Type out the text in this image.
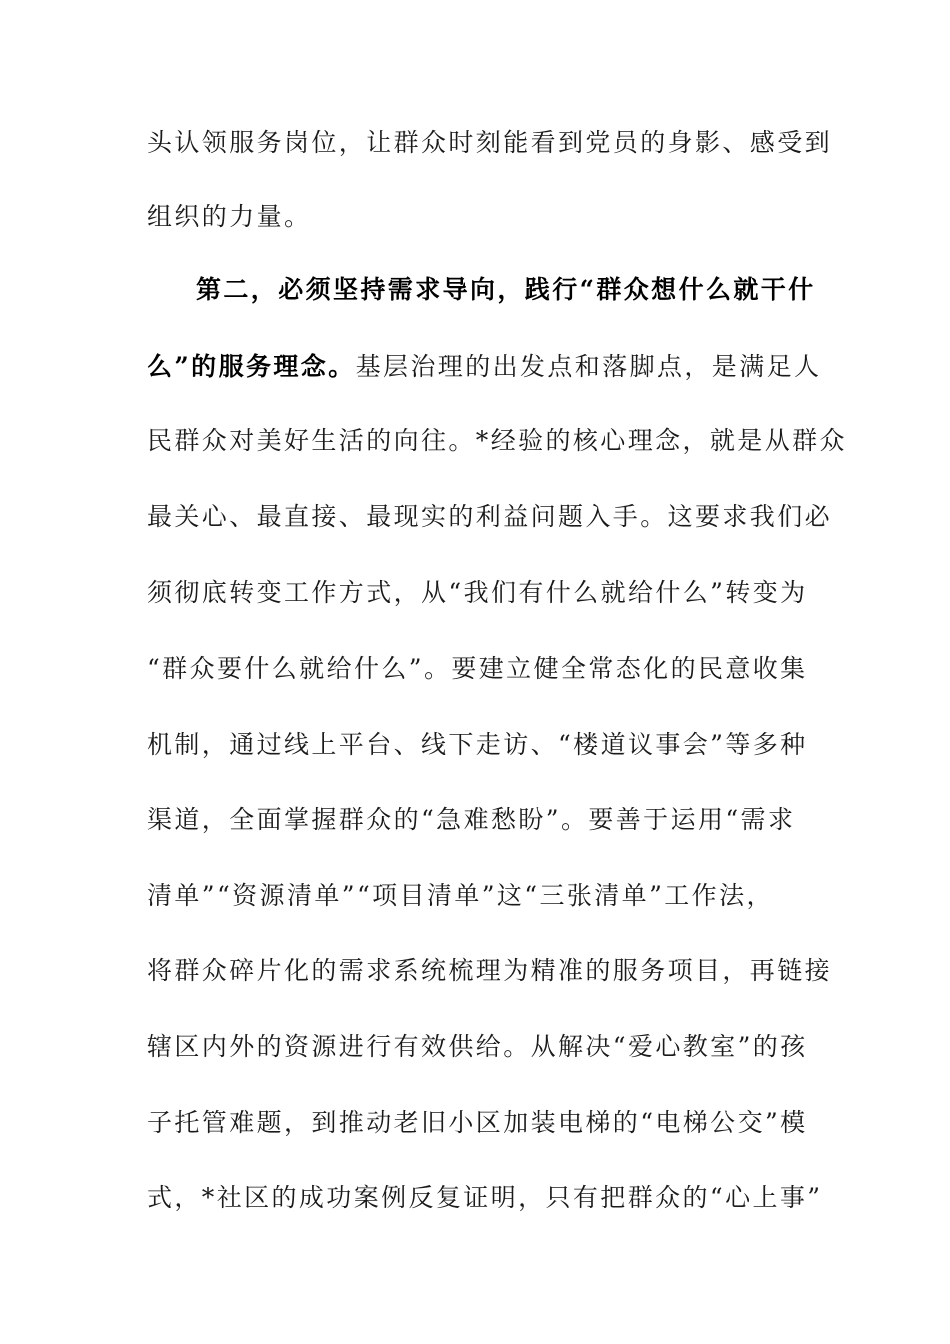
头认领服务岗位，让群众时刻能看到党员的身影、感受到
组织的力量。
第二，必须坚持需求导向，践行“群众想什么就干什
么”的服务理念。基层治理的出发点和落脚点，是满足人
民群众对美好生活的向往。*经验的核心理念，就是从群众
最关心、最直接、最现实的利益问题入手。这要求我们必
须彻底转变工作方式，从“我们有什么就给什么”转变为
“群众要什么就给什么”。要建立健全常态化的民意收集
机制，通过线上平台、线下走访、“楼道议事会”等多种
渠道，全面掌握群众的“急难愁盼”。要善于运用“需求
清单”“资源清单”“项目清单”这“三张清单”工作法，
将群众碎片化的需求系统梳理为精准的服务项目，再链接
辖区内外的资源进行有效供给。从解决“爱心教室”的孩
子托管难题，到推动老旧小区加装电梯的“电梯公交”模
式，*社区的成功案例反复证明，只有把群众的“心上事”
